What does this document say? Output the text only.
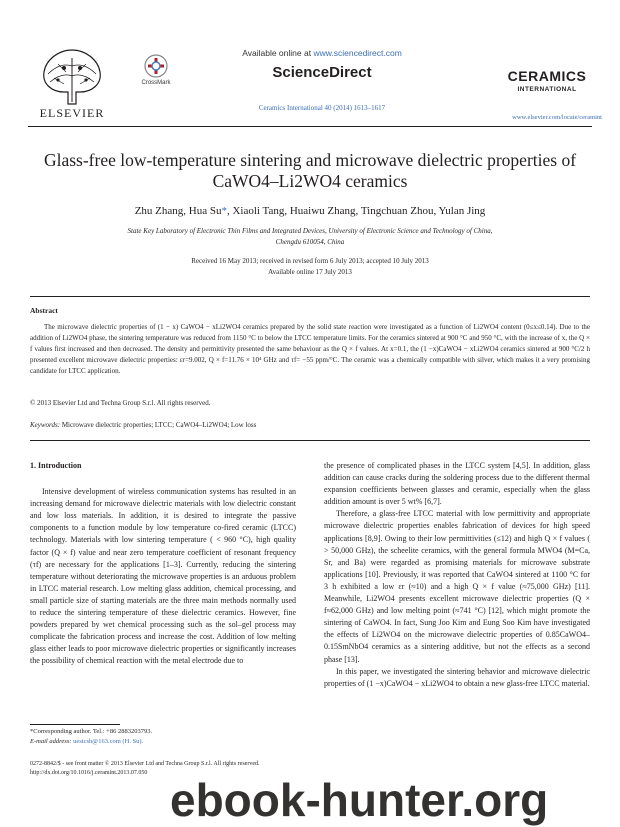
ELSEVIER
CrossMark
Available online at www.sciencedirect.com
ScienceDirect
Ceramics International 40 (2014) 1613–1617
CERAMICS
INTERNATIONAL
www.elsevier.com/locate/ceramint
Glass-free low-temperature sintering and microwave dielectric properties of
CaWO4–Li2WO4 ceramics
Zhu Zhang, Hua Su*, Xiaoli Tang, Huaiwu Zhang, Tingchuan Zhou, Yulan Jing
State Key Laboratory of Electronic Thin Films and Integrated Devices, University of Electronic Science and Technology of China,
Chengdu 610054, China
Received 16 May 2013; received in revised form 6 July 2013; accepted 10 July 2013
Available online 17 July 2013
Abstract
The microwave dielectric properties of (1 − x) CaWO4 − xLi2WO4 ceramics prepared by the solid state reaction were investigated as a function of Li2WO4 content (0≤x≤0.14). Due to the addition of Li2WO4 phase, the sintering temperature was reduced from 1150 °C to below the LTCC temperature limits. For the ceramics sintered at 900 °C and 950 °C, with the increase of x, the Q × f values first increased and then decreased. The density and permittivity presented the same behaviour as the Q × f values. At x=0.1, the (1 −x)CaWO4 − xLi2WO4 ceramics sintered at 900 °C/2 h presented excellent microwave dielectric properties: εr=9.002, Q × f=11.76 × 10⁴ GHz and τf= −55 ppm/°C. The ceramic was a chemically compatible with silver, which makes it a very promising candidate for LTCC application.
© 2013 Elsevier Ltd and Techna Group S.r.l. All rights reserved.
Keywords: Microwave dielectric properties; LTCC; CaWO4–Li2WO4; Low loss
1. Introduction

Intensive development of wireless communication systems has resulted in an increasing demand for microwave dielectric materials with low dielectric constant and low loss materials. In addition, it is desired to integrate the passive components to a function module by low temperature co-fired ceramic (LTCC) technology. Materials with low sintering temperature ( < 960 °C), high quality factor (Q × f) value and near zero temperature coefficient of resonant frequency (τf) are necessary for the applications [1–3]. Currently, reducing the sintering temperature without deteriorating the microwave properties is an arduous problem in LTCC material research. Low melting glass addition, chemical processing, and small particle size of starting materials are the three main methods normally used to reduce the sintering temperature of these dielectric ceramics. However, fine powders prepared by wet chemical processing such as the sol–gel process may complicate the fabrication process and increase the cost. Addition of low melting glass either leads to poor microwave dielectric properties or significantly increases the possibility of chemical reaction with the metal electrode due to

the presence of complicated phases in the LTCC system [4,5]. In addition, glass addition can cause cracks during the soldering process due to the different thermal expansion coefficients between glasses and ceramic, especially when the glass addition amount is over 5 wt% [6,7].

Therefore, a glass-free LTCC material with low permittivity and appropriate microwave dielectric properties enables fabrication of devices for high speed applications [8,9]. Owing to their low permittivities (≤12) and high Q × f values ( > 50,000 GHz), the scheelite ceramics, with the general formula MWO4 (M=Ca, Sr, and Ba) were regarded as promising materials for microwave substrate applications [10]. Previously, it was reported that CaWO4 sintered at 1100 °C for 3 h exhibited a low εr (≈10) and a high Q × f value (≈75,000 GHz) [11]. Meanwhile, Li2WO4 presents excellent microwave dielectric properties (Q × f≈62,000 GHz) and low melting point (≈741 °C) [12], which might promote the sintering of CaWO4. In fact, Sung Joo Kim and Eung Soo Kim have investigated the effects of Li2WO4 on the microwave dielectric properties of 0.85CaWO4–0.15SmNbO4 ceramics as a sintering additive, but not the effects as a second phase [13].

In this paper, we investigated the sintering behavior and microwave dielectric properties of (1 −x)CaWO4 − xLi2WO4 to obtain a new glass-free LTCC material.

*Corresponding author. Tel.: +86 2883203793.
E-mail address: uestcsh@163.com (H. Su).
0272-8842/$ - see front matter © 2013 Elsevier Ltd and Techna Group S.r.l. All rights reserved.
http://dx.doi.org/10.1016/j.ceramint.2013.07.050
ebook-hunter.org
